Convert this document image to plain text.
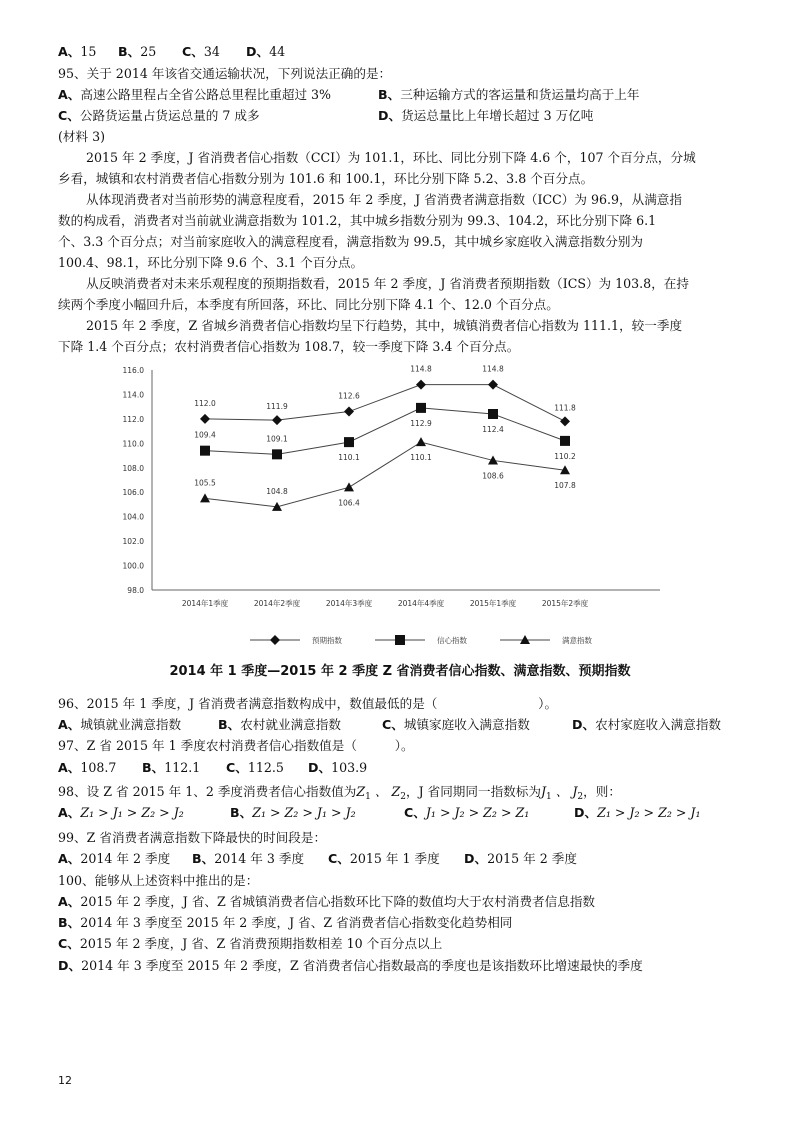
A、15 B、25 C、34 D、44
95、关于 2014 年该省交通运输状况，下列说法正确的是：
A、高速公路里程占全省公路总里程比重超过 3%	B、三种运输方式的客运量和货运量均高于上年
C、公路货运量占货运总量的 7 成多	D、货运总量比上年增长超过 3 万亿吨
(材料 3)
2015 年 2 季度，J 省消费者信心指数（CCI）为 101.1，环比、同比分别下降 4.6 个，107 个百分点，分城
乡看，城镇和农村消费者信心指数分别为 101.6 和 100.1，环比分别下降 5.2、3.8 个百分点。
从体现消费者对当前形势的满意程度看，2015 年 2 季度，J 省消费者满意指数（ICC）为 96.9，从满意指
数的构成看，消费者对当前就业满意指数为 101.2，其中城乡指数分别为 99.3、104.2，环比分别下降 6.1
个、3.3 个百分点；对当前家庭收入的满意程度看，满意指数为 99.5，其中城乡家庭收入满意指数分别为
100.4、98.1，环比分别下降 9.6 个、3.1 个百分点。
从反映消费者对未来乐观程度的预期指数看，2015 年 2 季度，J 省消费者预期指数（ICS）为 103.8，在持
续两个季度小幅回升后，本季度有所回落，环比、同比分别下降 4.1 个、12.0 个百分点。
2015 年 2 季度，Z 省城乡消费者信心指数均呈下行趋势，其中，城镇消费者信心指数为 111.1，较一季度
下降 1.4 个百分点；农村消费者信心指数为 108.7，较一季度下降 3.4 个百分点。
98.0
100.0
102.0
104.0
106.0
108.0
110.0
112.0
114.0
116.0
2014年1季度	2014年2季度	2014年3季度	2014年4季度	2015年1季度	2015年2季度
112.0	111.9
112.6
114.8	114.8
111.8
109.4	109.1
110.1
112.9
112.4
110.2
105.5
104.8
106.4
110.1
108.6
107.8
预期指数	信心指数	满意指数
2014 年 1 季度—2015 年 2 季度 Z 省消费者信心指数、满意指数、预期指数
96、2015 年 1 季度，J 省消费者满意指数构成中，数值最低的是（　　　　　　　　）。
A、城镇就业满意指数	B、农村就业满意指数	C、城镇家庭收入满意指数	D、农村家庭收入满意指数
97、Z 省 2015 年 1 季度农村消费者信心指数值是（　　　）。
A、108.7 B、112.1 C、112.5 D、103.9
98、设 Z 省 2015 年 1、2 季度消费者信心指数值为$Z_1$ 、 $Z_2$，J 省同期同一指数标为$J_1$ 、 $J_2$，则：
A、Z₁ > J₁ > Z₂ > J₂	B、Z₁ > Z₂ > J₁ > J₂	C、J₁ > J₂ > Z₂ > Z₁	D、Z₁ > J₂ > Z₂ > J₁
99、Z 省消费者满意指数下降最快的时间段是：
A、2014 年 2 季度 B、2014 年 3 季度 C、2015 年 1 季度 D、2015 年 2 季度
100、能够从上述资料中推出的是：
A、2015 年 2 季度，J 省、Z 省城镇消费者信心指数环比下降的数值均大于农村消费者信息指数
B、2014 年 3 季度至 2015 年 2 季度，J 省、Z 省消费者信心指数变化趋势相同
C、2015 年 2 季度，J 省、Z 省消费预期指数相差 10 个百分点以上
D、2014 年 3 季度至 2015 年 2 季度，Z 省消费者信心指数最高的季度也是该指数环比增速最快的季度
12
